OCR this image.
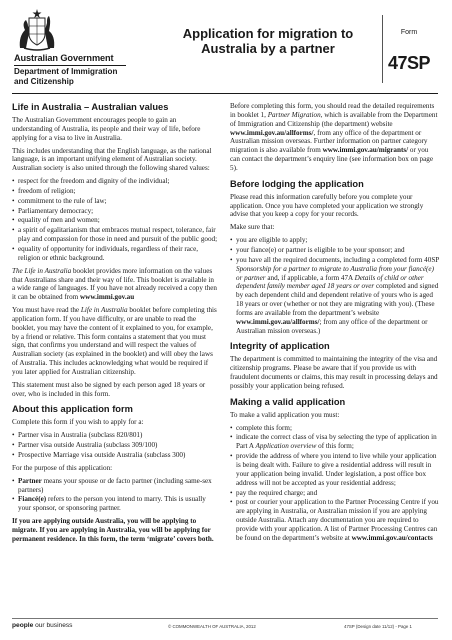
Australian Government
Department of Immigration and Citizenship
Application for migration to Australia by a partner
Form
47SP
Life in Australia – Australian values

The Australian Government encourages people to gain an understanding of Australia, its people and their way of life, before applying for a visa to live in Australia.

This includes understanding that the English language, as the national language, is an important unifying element of Australian society. Australian society is also united through the following shared values:

• respect for the freedom and dignity of the individual;
• freedom of religion;
• commitment to the rule of law;
• Parliamentary democracy;
• equality of men and women;
• a spirit of egalitarianism that embraces mutual respect, tolerance, fair play and compassion for those in need and pursuit of the public good;
• equality of opportunity for individuals, regardless of their race, religion or ethnic background.

The Life in Australia booklet provides more information on the values that Australians share and their way of life. This booklet is available in a wide range of languages. If you have not already received a copy then it can be obtained from www.immi.gov.au

You must have read the Life in Australia booklet before completing this application form. If you have difficulty, or are unable to read the booklet, you may have the content of it explained to you, for example, by a friend or relative. This form contains a statement that you must sign, that confirms you understand and will respect the values of Australian society (as explained in the booklet) and will obey the laws of Australia. This includes acknowledging what would be required if you later applied for Australian citizenship.

This statement must also be signed by each person aged 18 years or over, who is included in this form.

About this application form

Complete this form if you wish to apply for a:

• Partner visa in Australia (subclass 820/801)
• Partner visa outside Australia (subclass 309/100)
• Prospective Marriage visa outside Australia (subclass 300)

For the purpose of this application:

• Partner means your spouse or de facto partner (including same-sex partners)
• Fiancé(e) refers to the person you intend to marry. This is usually your sponsor, or sponsoring partner.

If you are applying outside Australia, you will be applying to migrate. If you are applying in Australia, you will be applying for permanent residence. In this form, the term ‘migrate’ covers both.

Before completing this form, you should read the detailed requirements in booklet 1, Partner Migration, which is available from the Department of Immigration and Citizenship (the department) website www.immi.gov.au/allforms/, from any office of the department or Australian mission overseas. Further information on partner category migration is also available from www.immi.gov.au/migrants/ or you can contact the department’s enquiry line (see information box on page 5).

Before lodging the application

Please read this information carefully before you complete your application. Once you have completed your application we strongly advise that you keep a copy for your records.

Make sure that:

• you are eligible to apply;
• your fiance(e) or partner is eligible to be your sponsor; and
• you have all the required documents, including a completed form 40SP Sponsorship for a partner to migrate to Australia from your fiancé(e) or partner and, if applicable, a form 47A Details of child or other dependent family member aged 18 years or over completed and signed by each dependent child and dependent relative of yours who is aged 18 years or over (whether or not they are migrating with you). (These forms are available from the department’s website www.immi.gov.au/allforms/; from any office of the department or Australian mission overseas.)
Integrity of application

The department is committed to maintaining the integrity of the visa and citizenship programs. Please be aware that if you provide us with fraudulent documents or claims, this may result in processing delays and possibly your application being refused.

Making a valid application

To make a valid application you must:

• complete this form;
• indicate the correct class of visa by selecting the type of application in Part A Application overview of this form;
• provide the address of where you intend to live while your application is being dealt with. Failure to give a residential address will result in your application being invalid. Under legislation, a post office box address will not be accepted as your residential address;
• pay the required charge; and
• post or courier your application to the Partner Processing Centre if you are applying in Australia, or Australian mission if you are applying outside Australia. Attach any documentation you are required to provide with your application. A list of Partner Processing Centres can be found on the department’s website at www.immi.gov.au/contacts
people our business	© COMMONWEALTH OF AUSTRALIA, 2012	47SP (Design date 11/12) - Page 1
